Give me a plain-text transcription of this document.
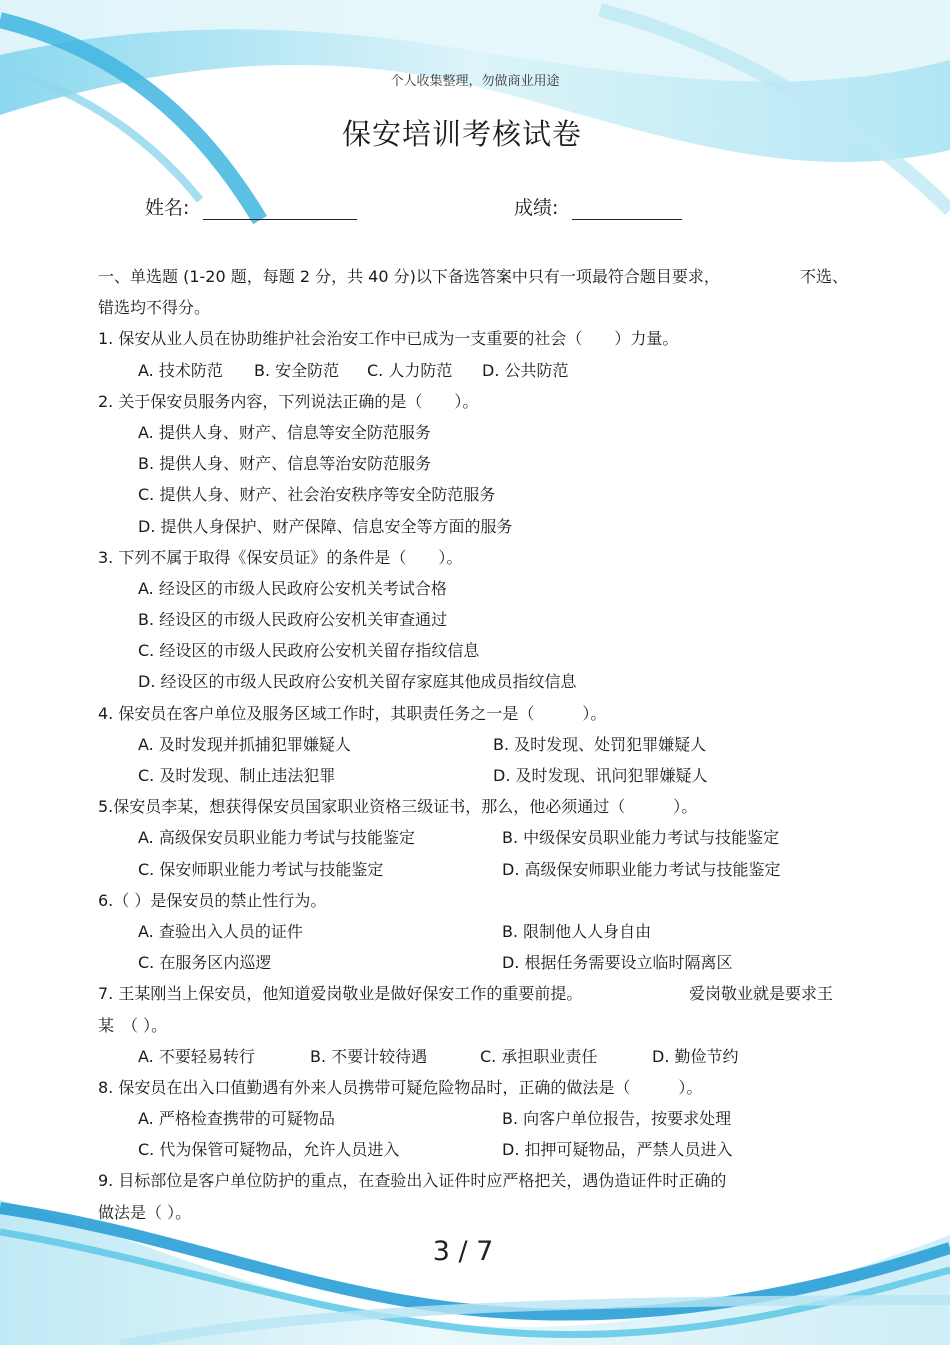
个人收集整理，勿做商业用途
保安培训考核试卷
姓名:	成绩:
一、单选题 (1-20 题，每题 2 分，共 40 分)以下备选答案中只有一项最符合题目要求，	不选、
错选均不得分。
1. 保安从业人员在协助维护社会治安工作中已成为一支重要的社会（　　）力量。
A. 技术防范 B. 安全防范 C. 人力防范 D. 公共防范
2. 关于保安员服务内容，下列说法正确的是（　　）。
A. 提供人身、财产、信息等安全防范服务
B. 提供人身、财产、信息等治安防范服务
C. 提供人身、财产、社会治安秩序等安全防范服务
D. 提供人身保护、财产保障、信息安全等方面的服务
3. 下列不属于取得《保安员证》的条件是（　　）。
A. 经设区的市级人民政府公安机关考试合格
B. 经设区的市级人民政府公安机关审查通过
C. 经设区的市级人民政府公安机关留存指纹信息
D. 经设区的市级人民政府公安机关留存家庭其他成员指纹信息
4. 保安员在客户单位及服务区域工作时，其职责任务之一是（　　　）。
A. 及时发现并抓捕犯罪嫌疑人	B. 及时发现、处罚犯罪嫌疑人
C. 及时发现、制止违法犯罪	D. 及时发现、讯问犯罪嫌疑人
5.保安员李某，想获得保安员国家职业资格三级证书，那么，他必须通过（　　　）。
A. 高级保安员职业能力考试与技能鉴定	B. 中级保安员职业能力考试与技能鉴定
C. 保安师职业能力考试与技能鉴定	D. 高级保安师职业能力考试与技能鉴定
6.（ ）是保安员的禁止性行为。
A. 查验出入人员的证件	B. 限制他人人身自由
C. 在服务区内巡逻	D. 根据任务需要设立临时隔离区
7. 王某刚当上保安员，他知道爱岗敬业是做好保安工作的重要前提。	爱岗敬业就是要求王
某　（ ）。
A. 不要轻易转行	B. 不要计较待遇	C. 承担职业责任	D. 勤俭节约
8. 保安员在出入口值勤遇有外来人员携带可疑危险物品时，正确的做法是（　　　）。
A. 严格检查携带的可疑物品	B. 向客户单位报告，按要求处理
C. 代为保管可疑物品，允许人员进入	D. 扣押可疑物品，严禁人员进入
9. 目标部位是客户单位防护的重点，在查验出入证件时应严格把关，遇伪造证件时正确的
做法是（ ）。
3 / 7
